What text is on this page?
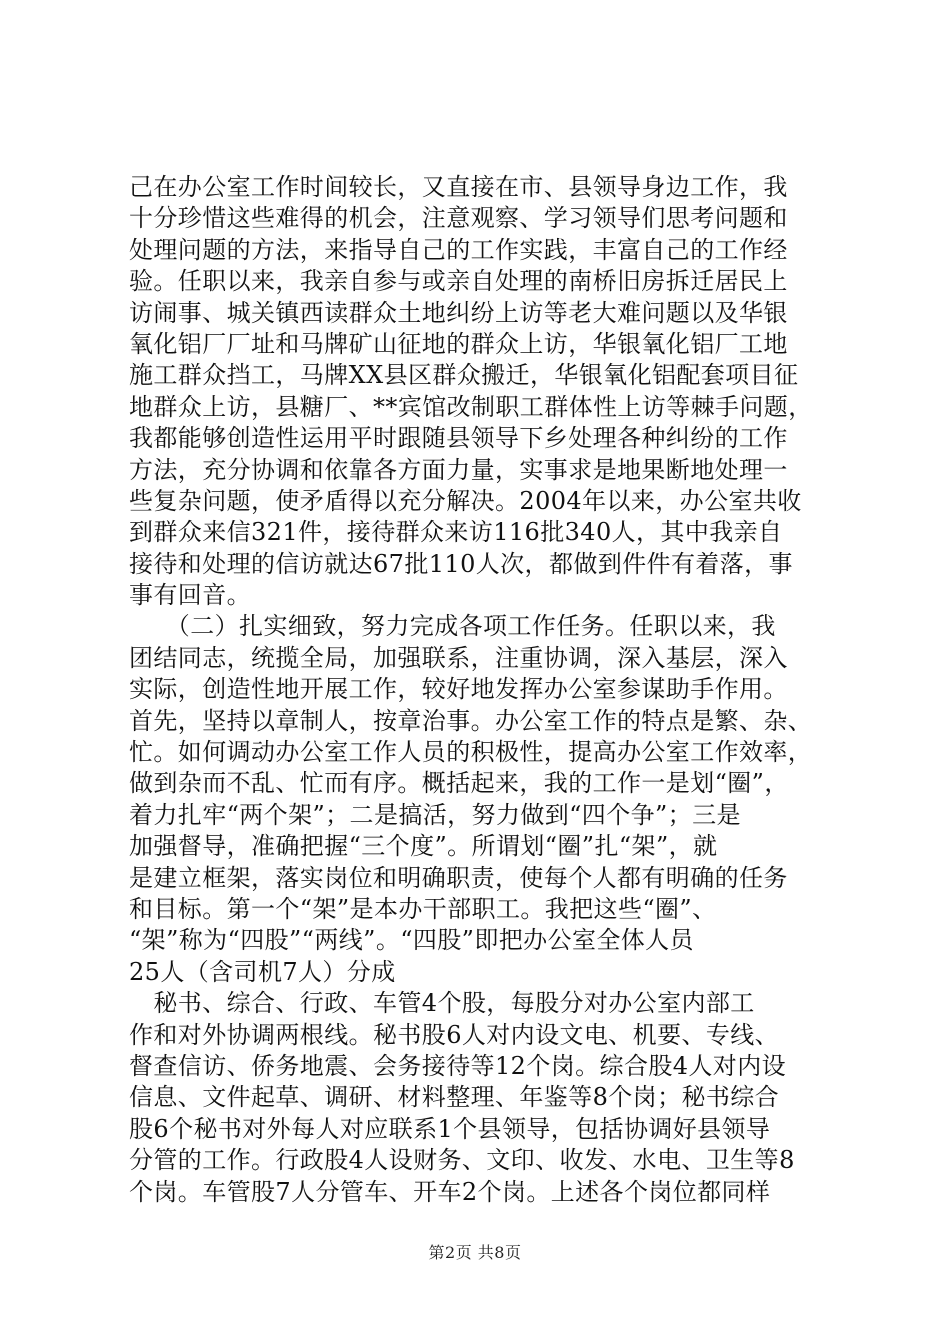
己在办公室工作时间较长，又直接在市、县领导身边工作，我
十分珍惜这些难得的机会，注意观察、学习领导们思考问题和
处理问题的方法，来指导自己的工作实践，丰富自己的工作经
验。任职以来，我亲自参与或亲自处理的南桥旧房拆迁居民上
访闹事、城关镇西读群众土地纠纷上访等老大难问题以及华银
氧化铝厂厂址和马牌矿山征地的群众上访，华银氧化铝厂工地
施工群众挡工，马牌XX县区群众搬迁，华银氧化铝配套项目征
地群众上访，县糖厂、**宾馆改制职工群体性上访等棘手问题，
我都能够创造性运用平时跟随县领导下乡处理各种纠纷的工作
方法，充分协调和依靠各方面力量，实事求是地果断地处理一
些复杂问题，使矛盾得以充分解决。2004年以来，办公室共收
到群众来信321件，接待群众来访116批340人，其中我亲自
接待和处理的信访就达67批110人次，都做到件件有着落，事
事有回音。
　　（二）扎实细致，努力完成各项工作任务。任职以来，我
团结同志，统揽全局，加强联系，注重协调，深入基层，深入
实际，创造性地开展工作，较好地发挥办公室参谋助手作用。
首先，坚持以章制人，按章治事。办公室工作的特点是繁、杂、
忙。如何调动办公室工作人员的积极性，提高办公室工作效率，
做到杂而不乱、忙而有序。概括起来，我的工作一是划“圈”，
着力扎牢“两个架”；二是搞活，努力做到“四个争”；三是
加强督导，准确把握“三个度”。所谓划“圈”扎“架”，就
是建立框架，落实岗位和明确职责，使每个人都有明确的任务
和目标。第一个“架”是本办干部职工。我把这些“圈”、
“架”称为“四股”“两线”。“四股”即把办公室全体人员
25人（含司机7人）分成
　秘书、综合、行政、车管4个股，每股分对办公室内部工
作和对外协调两根线。秘书股6人对内设文电、机要、专线、
督查信访、侨务地震、会务接待等12个岗。综合股4人对内设
信息、文件起草、调研、材料整理、年鉴等8个岗；秘书综合
股6个秘书对外每人对应联系1个县领导，包括协调好县领导
分管的工作。行政股4人设财务、文印、收发、水电、卫生等8
个岗。车管股7人分管车、开车2个岗。上述各个岗位都同样
第2页 共8页
